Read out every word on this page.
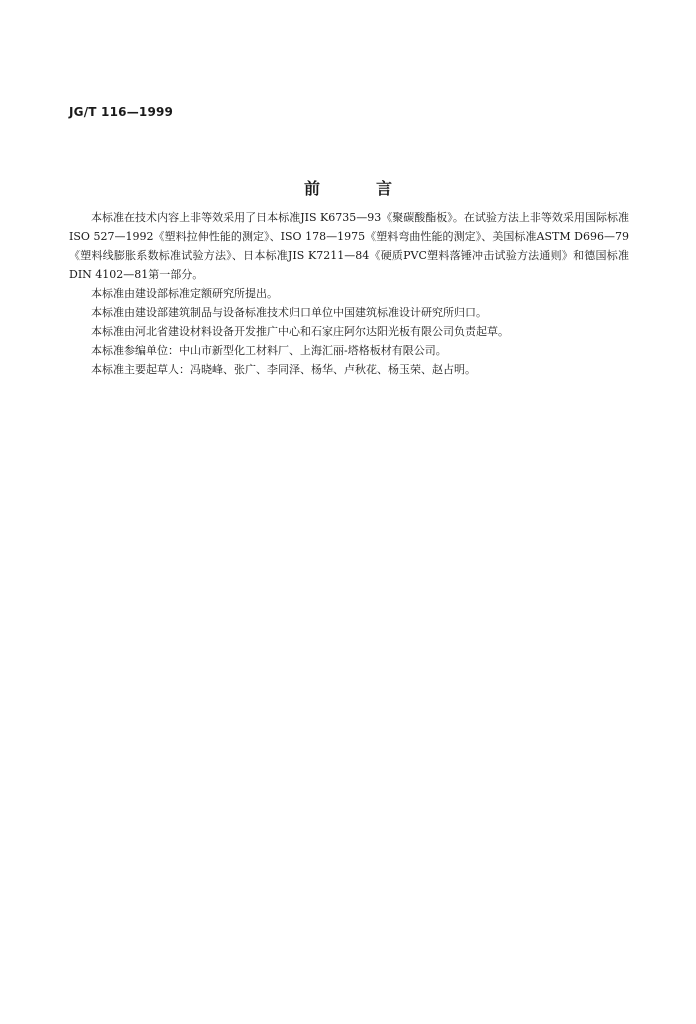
JG/T 116—1999
前言

本标准在技术内容上非等效采用了日本标准JIS K6735—93《聚碳酸酯板》。在试验方法上非等效采用国际标准ISO 527—1992《塑料拉伸性能的测定》、ISO 178—1975《塑料弯曲性能的测定》、美国标准ASTM D696—79《塑料线膨胀系数标准试验方法》、日本标准JIS K7211—84《硬质PVC塑料落锤冲击试验方法通则》和德国标准DIN 4102—81第一部分。

本标准由建设部标准定额研究所提出。

本标准由建设部建筑制品与设备标准技术归口单位中国建筑标准设计研究所归口。

本标准由河北省建设材料设备开发推广中心和石家庄阿尔达阳光板有限公司负责起草。

本标准参编单位：中山市新型化工材料厂、上海汇丽-塔格板材有限公司。

本标准主要起草人：冯晓峰、张广、李同泽、杨华、卢秋花、杨玉荣、赵占明。
